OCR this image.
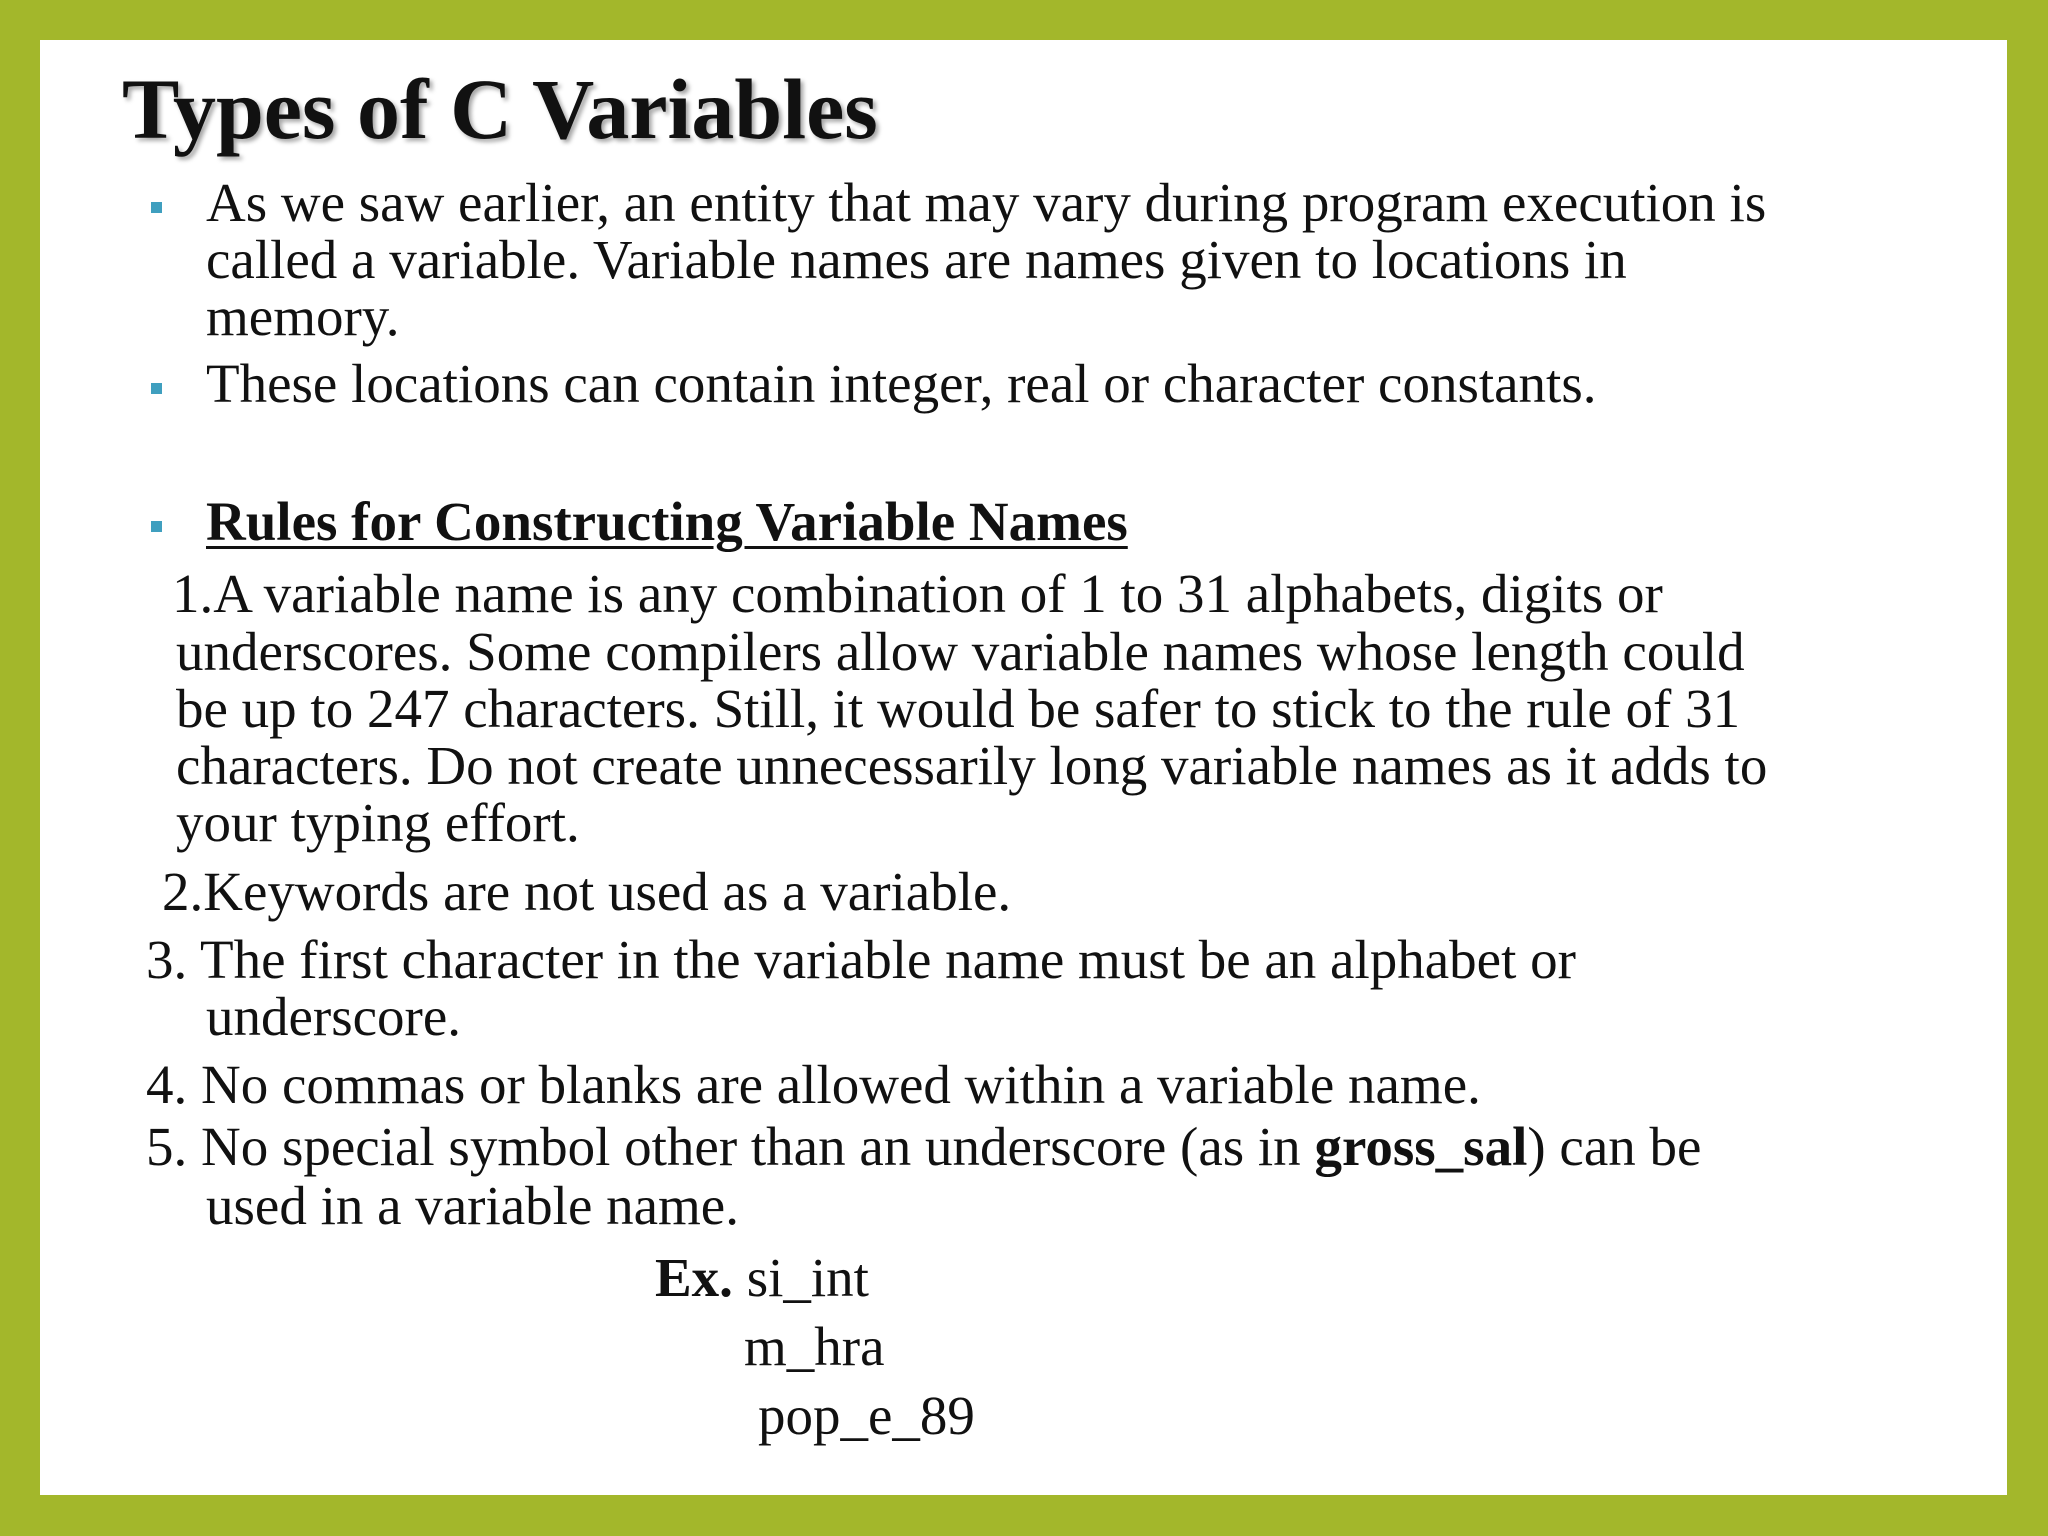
Types of C Variables
As we saw earlier, an entity that may vary during program execution is
called a variable. Variable names are names given to locations in
memory.
These locations can contain integer, real or character constants.
Rules for Constructing Variable Names
1.A variable name is any combination of 1 to 31 alphabets, digits or
underscores. Some compilers allow variable names whose length could
be up to 247 characters. Still, it would be safer to stick to the rule of 31
characters. Do not create unnecessarily long variable names as it adds to
your typing effort.
2.Keywords are not used as a variable.
3. The first character in the variable name must be an alphabet or
underscore.
4. No commas or blanks are allowed within a variable name.
5. No special symbol other than an underscore (as in gross_sal) can be
used in a variable name.
Ex. si_int
m_hra
pop_e_89
